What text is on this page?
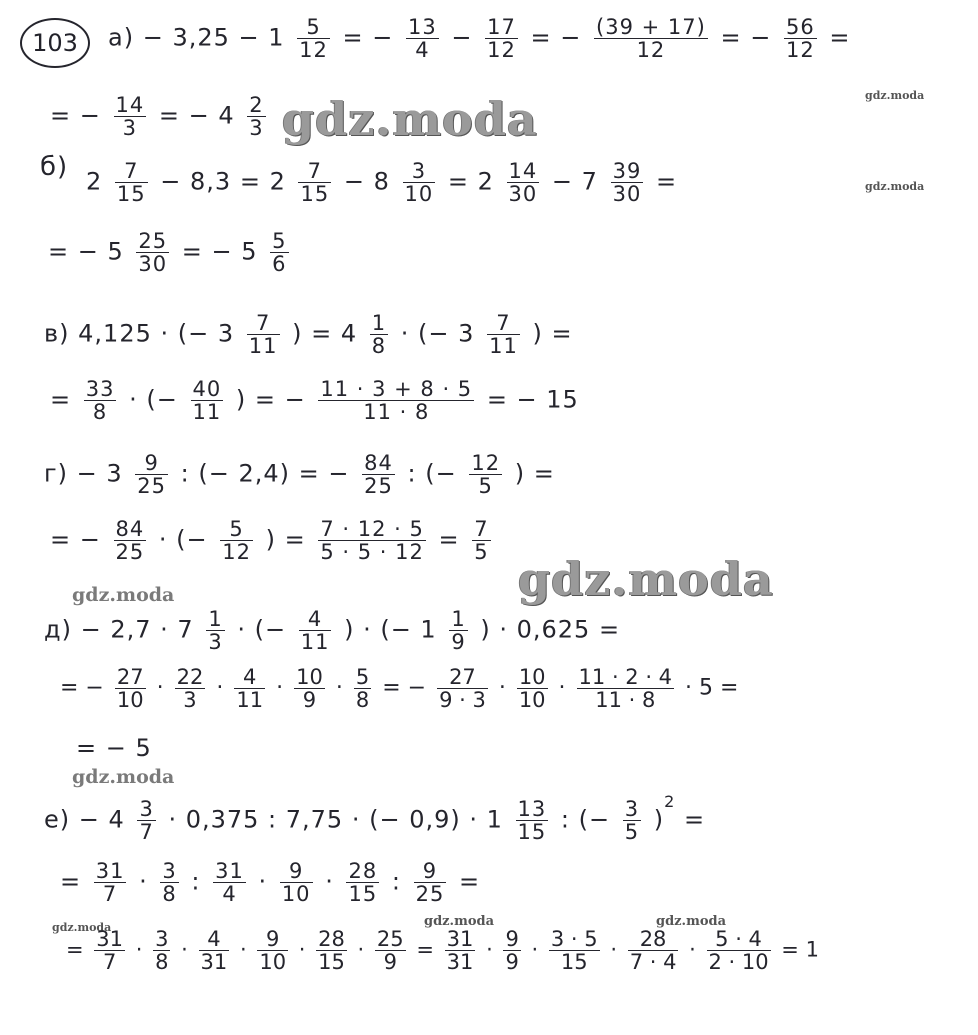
103 $а) - 3,25 - 1 \frac{5}{12}$ = − $\frac{13}{4} - \frac{17}{12}$ = − $\frac{(39 + 17)}{12}$ = − $\frac{56}{12}$ =
= − $\frac{14}{3}$ = − $4 \frac{2}{3}$ gdz.moda	gdz.moda
б) $2 \frac{7}{15} - 8,3 = 2 \frac{7}{15} - 8 \frac{3}{10} = 2 \frac{14}{30} - 7 \frac{39}{30}$ =	gdz.moda
= − $5 \frac{25}{30}$ = − $5 \frac{5}{6}$
в) 4,125 · (− $3 \frac{7}{11}$ ) = $4 \frac{1}{8}$ · (− $3 \frac{7}{11}$ ) =
= $\frac{33}{8}$ · (− $\frac{40}{11}$ ) = − $\frac{11 \cdot 3 + 8 \cdot 5}{11 \cdot 8}$ = − 15
$г) - 3 \frac{9}{25}$ : (− 2,4) = − $\frac{84}{25}$ : (− $\frac{12}{5}$ ) =
= − $\frac{84}{25}$ · (− $\frac{5}{12}$ ) = $\frac{7 \cdot 12 \cdot 5}{5 \cdot 5 \cdot 12} = \frac{7}{5}$
gdz.moda
gdz.moda
$д) - 2,7 \cdot 7 \frac{1}{3}$ · (− $\frac{4}{11}$ ) · (− $1 \frac{1}{9}$ ) · 0,625 =
= − $\frac{27}{10} \cdot \frac{22}{3} \cdot \frac{4}{11} \cdot \frac{10}{9} \cdot \frac{5}{8}$ = − $\frac{27}{9 \cdot 3} \cdot \frac{10}{10} \cdot \frac{11 \cdot 2 \cdot 4}{11 \cdot 8} \cdot 5$ =
= − 5
gdz.moda
$е) - 4 \frac{3}{7} \cdot 0,375$ : 7,75 · (− $0,9) \cdot 1 \frac{13}{15}$ : (− $\frac{3}{5} )^2$ =
= $\frac{31}{7} \cdot \frac{3}{8}$ : $\frac{31}{4} \cdot \frac{9}{10} \cdot \frac{28}{15}$ : $\frac{9}{25}$ =
gdz.moda	gdz.moda	gdz.moda
= $\frac{31}{7} \cdot \frac{3}{8} \cdot \frac{4}{31} \cdot \frac{9}{10} \cdot \frac{28}{15} \cdot \frac{25}{9} = \frac{31}{31} \cdot \frac{9}{9} \cdot \frac{3 \cdot 5}{15} \cdot \frac{28}{7 \cdot 4} \cdot \frac{5 \cdot 4}{2 \cdot 10} = 1$
